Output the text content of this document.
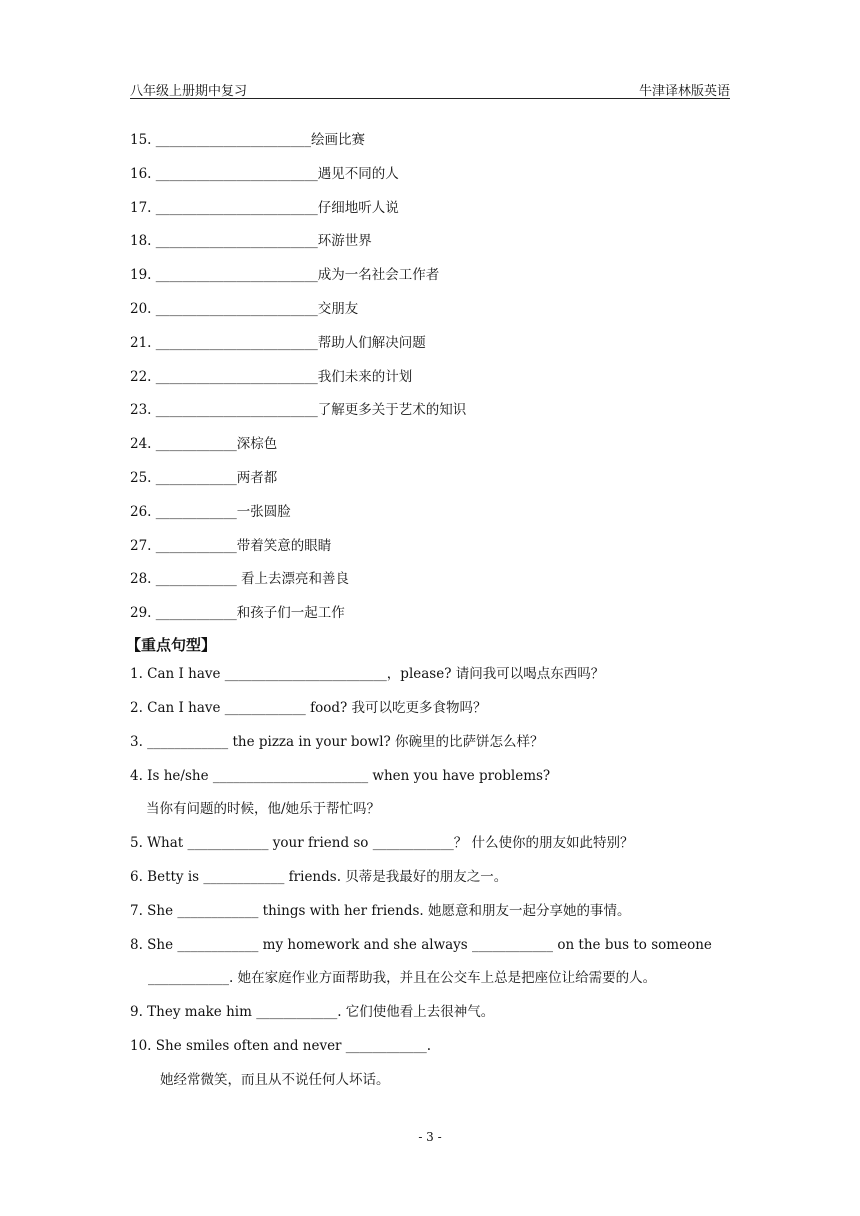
八年级上册期中复习	牛津译林版英语
15. _______________________绘画比赛
16. ________________________遇见不同的人
17. ________________________仔细地听人说
18. ________________________环游世界
19. ________________________成为一名社会工作者
20. ________________________交朋友
21. ________________________帮助人们解决问题
22. ________________________我们未来的计划
23. ________________________了解更多关于艺术的知识
24. ____________深棕色
25. ____________两者都
26. ____________一张圆脸
27. ____________带着笑意的眼睛
28. ____________ 看上去漂亮和善良
29. ____________和孩子们一起工作
【重点句型】
1. Can I have ________________________，please? 请问我可以喝点东西吗？
2. Can I have ____________ food? 我可以吃更多食物吗？
3. ____________ the pizza in your bowl? 你碗里的比萨饼怎么样？
4. Is he/she _______________________ when you have problems?
当你有问题的时候，他/她乐于帮忙吗？
5. What ____________ your friend so ____________？ 什么使你的朋友如此特别？
6. Betty is ____________ friends. 贝蒂是我最好的朋友之一。
7. She ____________ things with her friends. 她愿意和朋友一起分享她的事情。
8. She ____________ my homework and she always ____________ on the bus to someone
____________. 她在家庭作业方面帮助我，并且在公交车上总是把座位让给需要的人。
9. They make him ____________. 它们使他看上去很神气。
10. She smiles often and never ____________.
她经常微笑，而且从不说任何人坏话。
- 3 -
